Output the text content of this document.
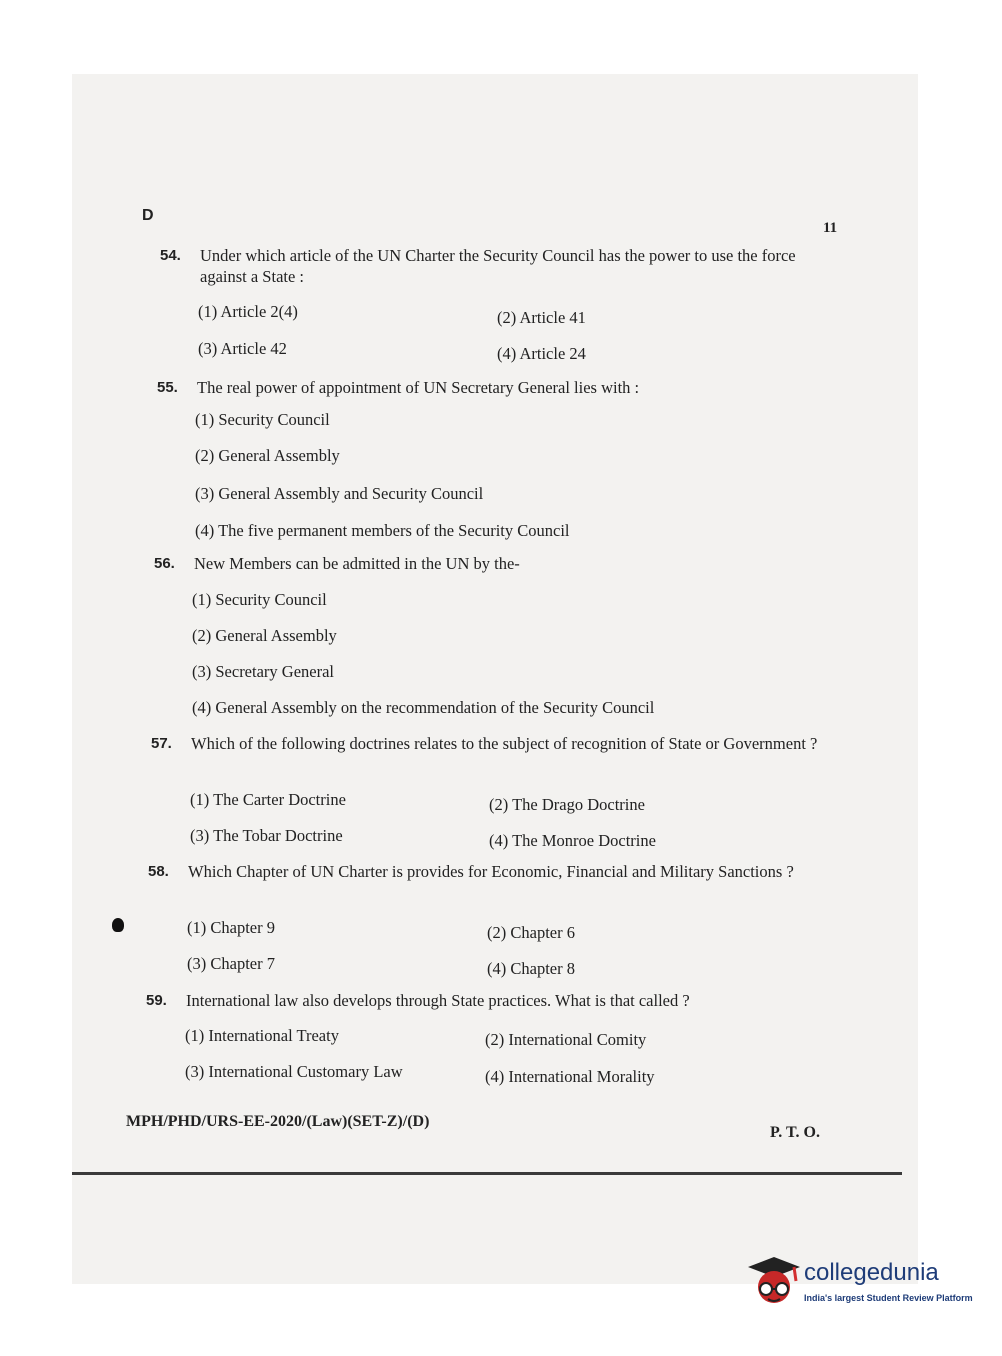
D
11
54. Under which article of the UN Charter the Security Council has the power to use the force against a State :
(1) Article 2(4)	(2) Article 41
(3) Article 42	(4) Article 24
55. The real power of appointment of UN Secretary General lies with :
(1) Security Council
(2) General Assembly
(3) General Assembly and Security Council
(4) The five permanent members of the Security Council
56. New Members can be admitted in the UN by the-
(1) Security Council
(2) General Assembly
(3) Secretary General
(4) General Assembly on the recommendation of the Security Council
57. Which of the following doctrines relates to the subject of recognition of State or Government ?
(1) The Carter Doctrine	(2) The Drago Doctrine
(3) The Tobar Doctrine	(4) The Monroe Doctrine
58. Which Chapter of UN Charter is provides for Economic, Financial and Military Sanctions ?
(1) Chapter 9	(2) Chapter 6
(3) Chapter 7	(4) Chapter 8
59. International law also develops through State practices. What is that called ?
(1) International Treaty	(2) International Comity
(3) International Customary Law	(4) International Morality
MPH/PHD/URS-EE-2020/(Law)(SET-Z)/(D)
P. T. O.
collegedunia
India's largest Student Review Platform
